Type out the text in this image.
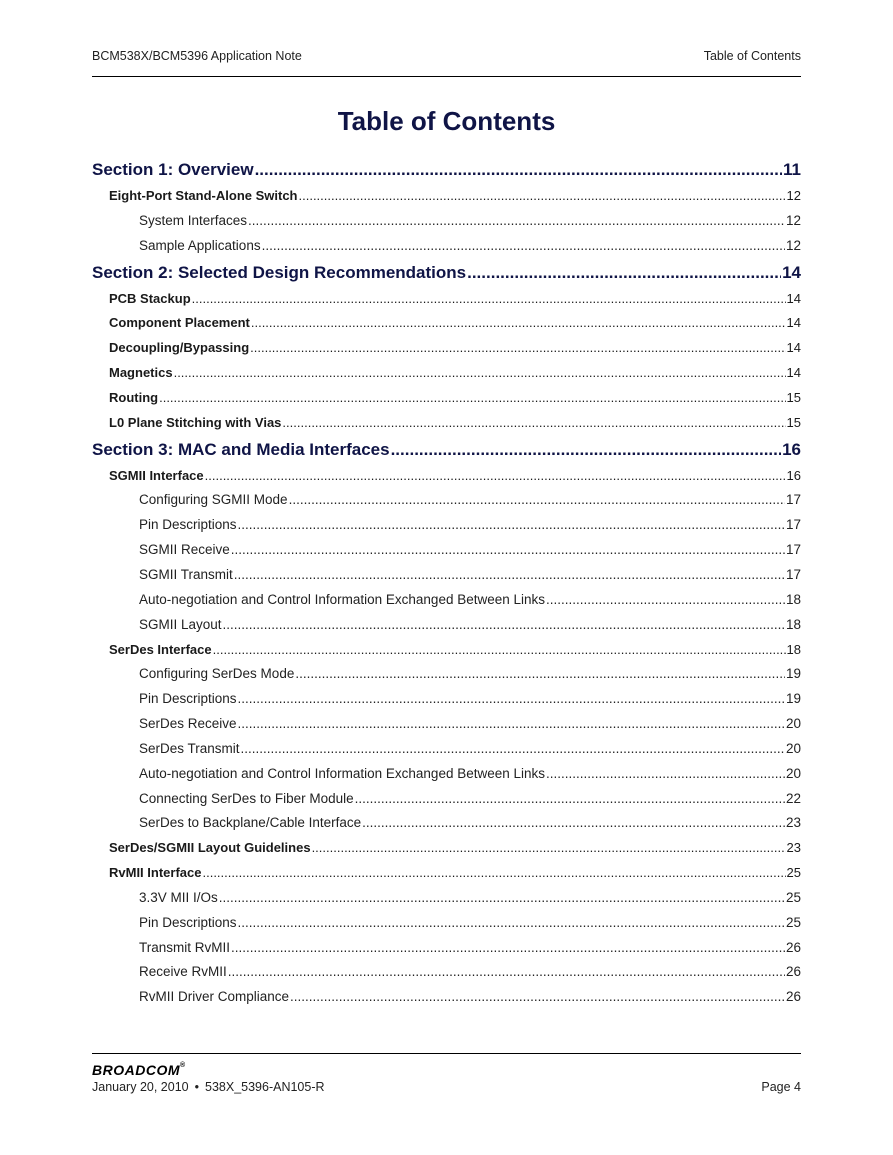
BCM538X/BCM5396 Application Note	Table of Contents
Table of Contents
Section 1: Overview .....	11
Eight-Port Stand-Alone Switch .....	12
System Interfaces .....	12
Sample Applications .....	12
Section 2: Selected Design Recommendations .....	14
PCB Stackup .....	14
Component Placement .....	14
Decoupling/Bypassing .....	14
Magnetics .....	14
Routing .....	15
L0 Plane Stitching with Vias .....	15
Section 3: MAC and Media Interfaces .....	16
SGMII Interface .....	16
Configuring SGMII Mode .....	17
Pin Descriptions .....	17
SGMII Receive .....	17
SGMII Transmit .....	17
Auto-negotiation and Control Information Exchanged Between Links .....	18
SGMII Layout .....	18
SerDes Interface .....	18
Configuring SerDes Mode .....	19
Pin Descriptions .....	19
SerDes Receive .....	20
SerDes Transmit .....	20
Auto-negotiation and Control Information Exchanged Between Links .....	20
Connecting SerDes to Fiber Module .....	22
SerDes to Backplane/Cable Interface .....	23
SerDes/SGMII Layout Guidelines .....	23
RvMII Interface .....	25
3.3V MII I/Os .....	25
Pin Descriptions .....	25
Transmit RvMII .....	26
Receive RvMII .....	26
RvMII Driver Compliance .....	26
BROADCOM®
January 20, 2010 • 538X_5396-AN105-R	Page 4
